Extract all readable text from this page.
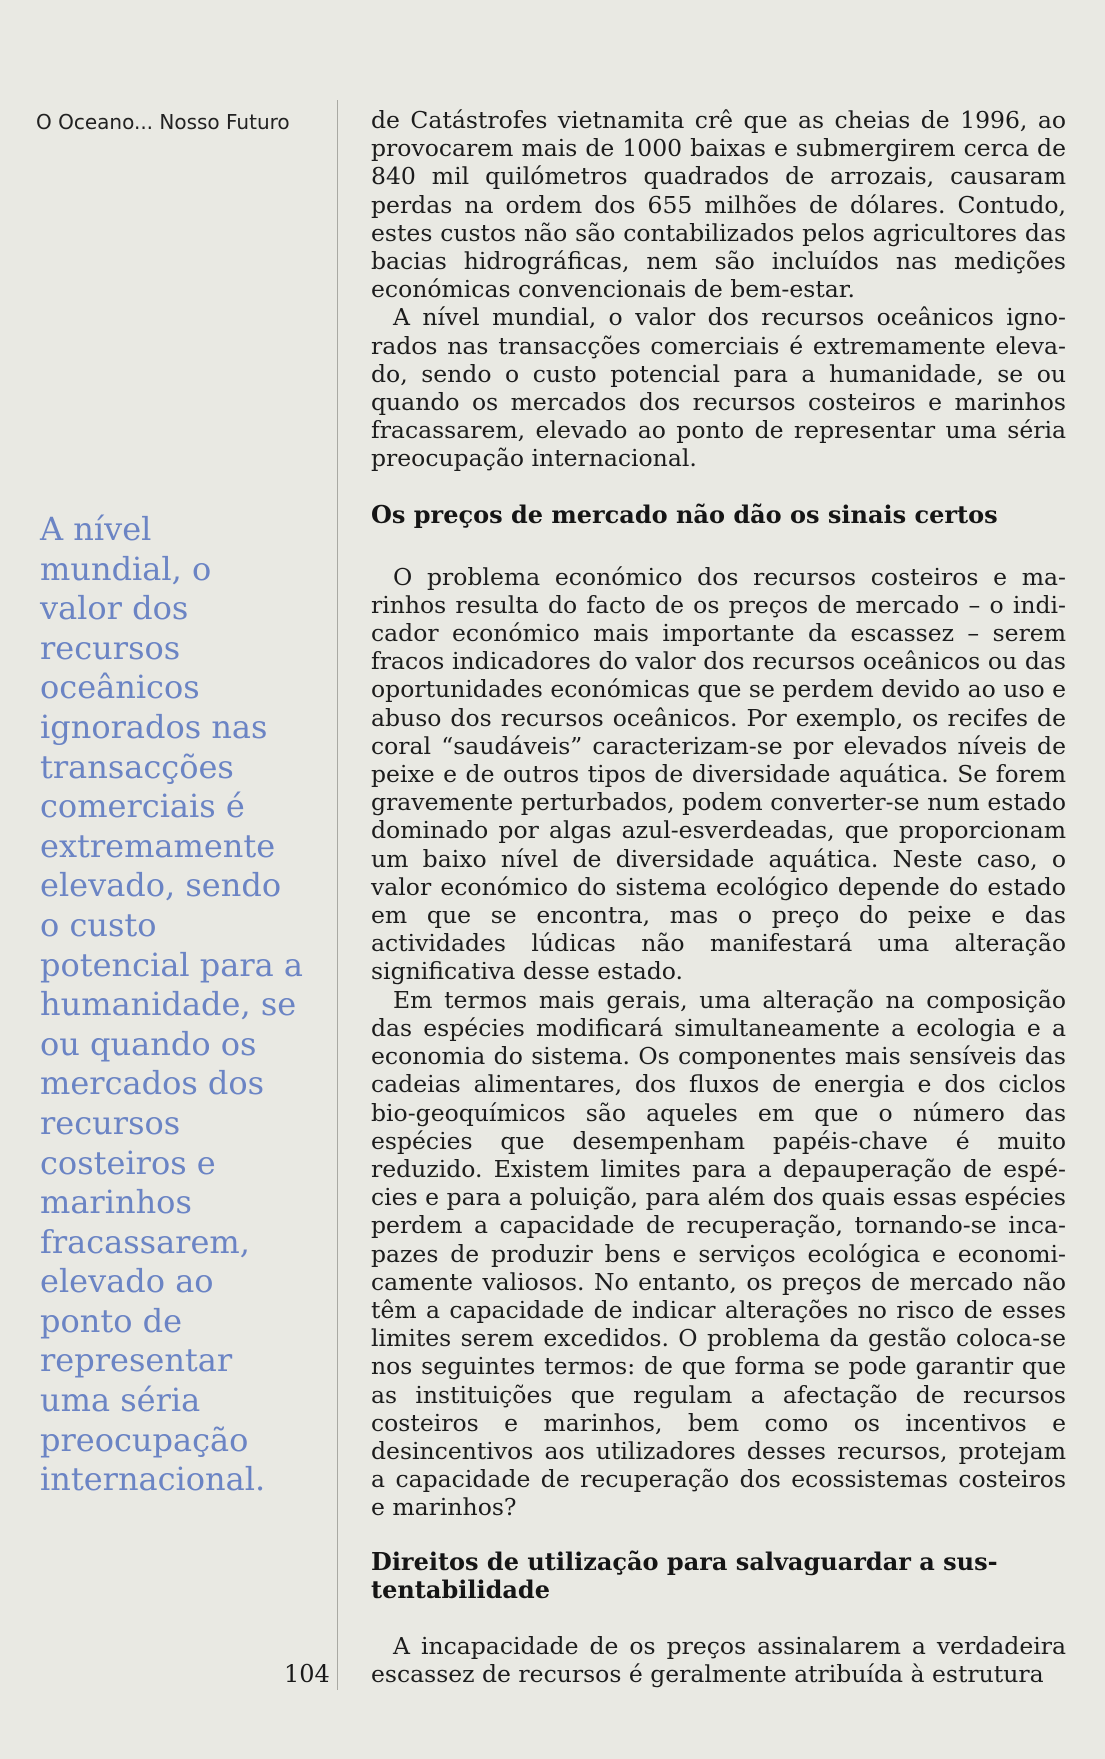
O Oceano... Nosso Futuro
A nível
mundial, o
valor dos
recursos
oceânicos
ignorados nas
transacções
comerciais é
extremamente
elevado, sendo
o custo
potencial para a
humanidade, se
ou quando os
mercados dos
recursos
costeiros e
marinhos
fracassarem,
elevado ao
ponto de
representar
uma séria
preocupação
internacional.
104

de Catástrofes vietnamita crê que as cheias de 1996, ao provocarem mais de 1000 baixas e submergirem cerca de 840 mil quilómetros quadrados de arrozais, causaram perdas na ordem dos 655 milhões de dólares. Contudo, estes custos não são contabilizados pelos agricultores das bacias hidrográficas, nem são incluídos nas medições económicas convencionais de bem-estar.

A nível mundial, o valor dos recursos oceânicos ignorados nas transacções comerciais é extremamente elevado, sendo o custo potencial para a humanidade, se ou quando os mercados dos recursos costeiros e marinhos fracassarem, elevado ao ponto de representar uma séria preocupação internacional.

Os preços de mercado não dão os sinais certos

O problema económico dos recursos costeiros e marinhos resulta do facto de os preços de mercado – o indicador económico mais importante da escassez – serem fracos indicadores do valor dos recursos oceânicos ou das oportunidades económicas que se perdem devido ao uso e abuso dos recursos oceânicos. Por exemplo, os recifes de coral “saudáveis” caracterizam-se por elevados níveis de peixe e de outros tipos de diversidade aquática. Se forem gravemente perturbados, podem converter-se num estado dominado por algas azul-esverdeadas, que proporcionam um baixo nível de diversidade aquática. Neste caso, o valor económico do sistema ecológico depende do estado em que se encontra, mas o preço do peixe e das actividades lúdicas não manifestará uma alteração significativa desse estado.

Em termos mais gerais, uma alteração na composição das espécies modificará simultaneamente a ecologia e a economia do sistema. Os componentes mais sensíveis das cadeias alimentares, dos fluxos de energia e dos ciclos bio-geoquímicos são aqueles em que o número das espécies que desempenham papéis-chave é muito reduzido. Existem limites para a depauperação de espécies e para a poluição, para além dos quais essas espécies perdem a capacidade de recuperação, tornando-se incapazes de produzir bens e serviços ecológica e economicamente valiosos. No entanto, os preços de mercado não têm a capacidade de indicar alterações no risco de esses limites serem excedidos. O problema da gestão coloca-se nos seguintes termos: de que forma se pode garantir que as instituições que regulam a afectação de recursos costeiros e marinhos, bem como os incentivos e desincentivos aos utilizadores desses recursos, protejam a capacidade de recuperação dos ecossistemas costeiros e marinhos?

Direitos de utilização para salvaguardar a sustentabilidade

A incapacidade de os preços assinalarem a verdadeira escassez de recursos é geralmente atribuída à estrutura
